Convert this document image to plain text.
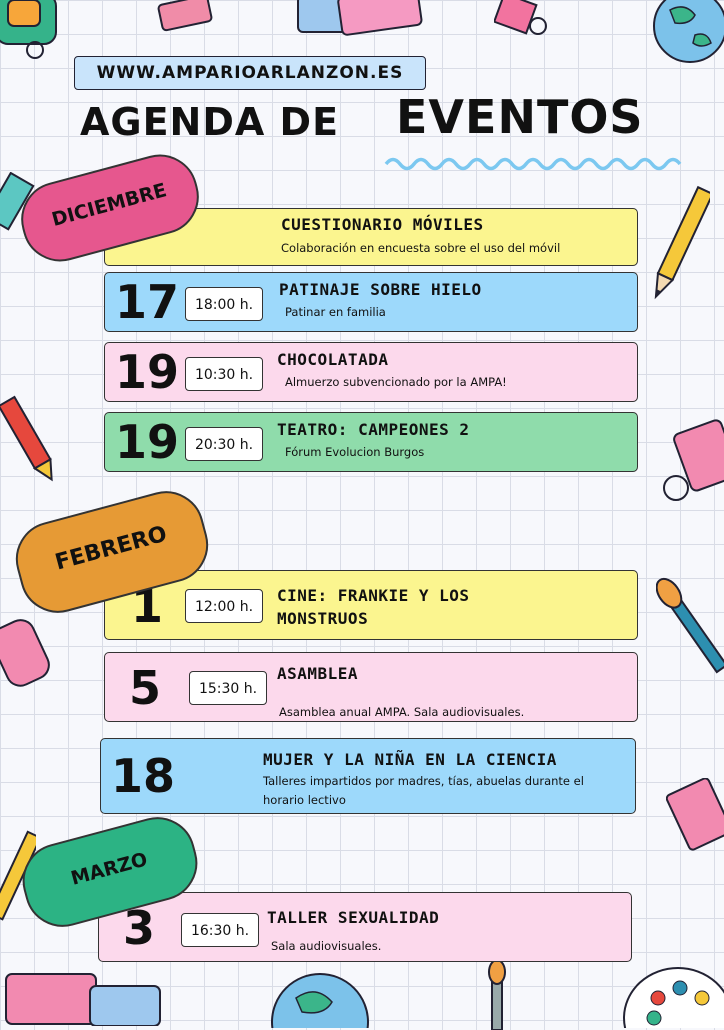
WWW.AMPARIOARLANZON.ES
AGENDA DE EVENTOS
CUESTIONARIO MÓVILES
Colaboración en encuesta sobre el uso del móvil
17	18:00 h.
PATINAJE SOBRE HIELO
Patinar en familia
19	10:30 h.
CHOCOLATADA
Almuerzo subvencionado por la AMPA!
19	20:30 h.
TEATRO: CAMPEONES 2
Fórum Evolucion Burgos
DICIEMBRE
1	12:00 h.
CINE: FRANKIE Y LOS
MONSTRUOS
5	15:30 h.
ASAMBLEA
Asamblea anual AMPA. Sala audiovisuales.
18	MUJER Y LA NIÑA EN LA CIENCIA
Talleres impartidos por madres, tías, abuelas durante el
horario lectivo
FEBRERO
3	16:30 h.
TALLER SEXUALIDAD
Sala audiovisuales.
MARZO
